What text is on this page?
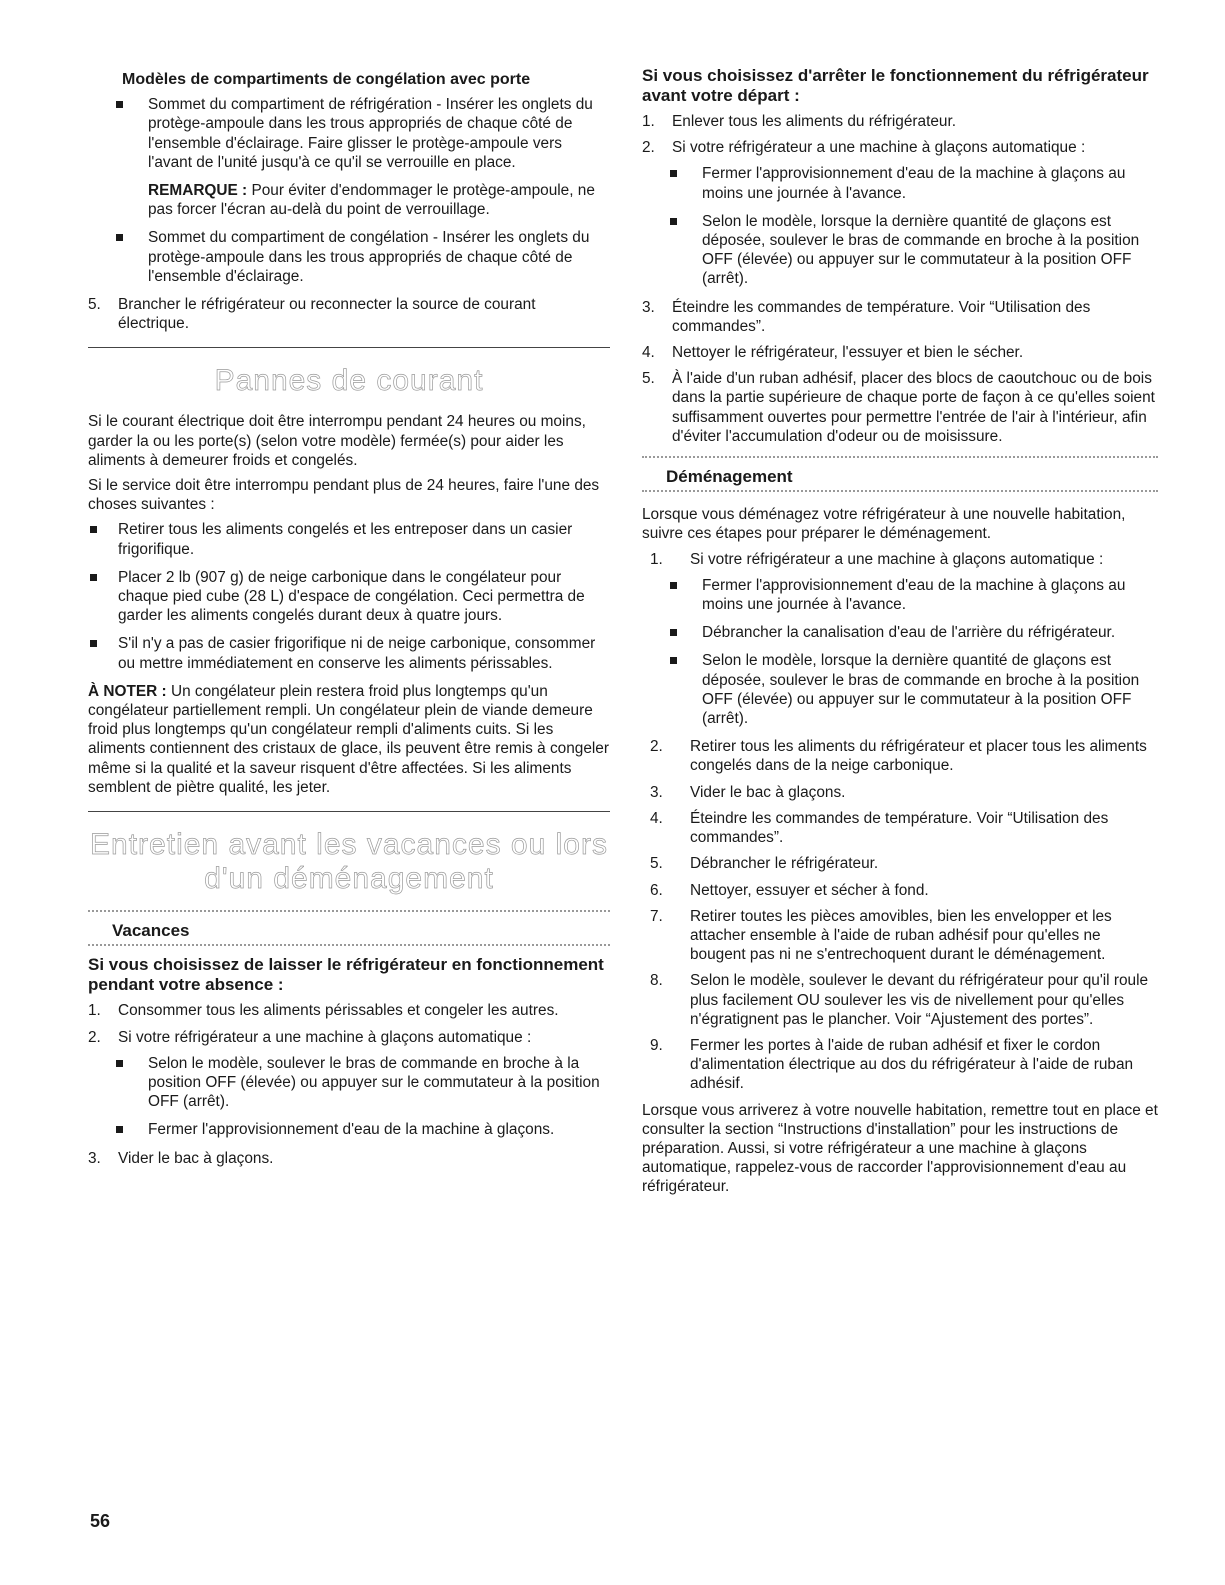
Modèles de compartiments de congélation avec porte
Sommet du compartiment de réfrigération - Insérer les onglets du protège-ampoule dans les trous appropriés de chaque côté de l'ensemble d'éclairage. Faire glisser le protège-ampoule vers l'avant de l'unité jusqu'à ce qu'il se verrouille en place.
REMARQUE : Pour éviter d'endommager le protège-ampoule, ne pas forcer l'écran au-delà du point de verrouillage.
Sommet du compartiment de congélation - Insérer les onglets du protège-ampoule dans les trous appropriés de chaque côté de l'ensemble d'éclairage.
5. Brancher le réfrigérateur ou reconnecter la source de courant électrique.
Pannes de courant

Si le courant électrique doit être interrompu pendant 24 heures ou moins, garder la ou les porte(s) (selon votre modèle) fermée(s) pour aider les aliments à demeurer froids et congelés.

Si le service doit être interrompu pendant plus de 24 heures, faire l'une des choses suivantes :

Retirer tous les aliments congelés et les entreposer dans un casier frigorifique.
Placer 2 lb (907 g) de neige carbonique dans le congélateur pour chaque pied cube (28 L) d'espace de congélation. Ceci permettra de garder les aliments congelés durant deux à quatre jours.
S'il n'y a pas de casier frigorifique ni de neige carbonique, consommer ou mettre immédiatement en conserve les aliments périssables.

À NOTER : Un congélateur plein restera froid plus longtemps qu'un congélateur partiellement rempli. Un congélateur plein de viande demeure froid plus longtemps qu'un congélateur rempli d'aliments cuits. Si les aliments contiennent des cristaux de glace, ils peuvent être remis à congeler même si la qualité et la saveur risquent d'être affectées. Si les aliments semblent de piètre qualité, les jeter.

Entretien avant les vacances ou lors
d'un déménagement
Vacances
Si vous choisissez de laisser le réfrigérateur en fonctionnement pendant votre absence :
1. Consommer tous les aliments périssables et congeler les autres.
2. Si votre réfrigérateur a une machine à glaçons automatique :
Selon le modèle, soulever le bras de commande en broche à la position OFF (élevée) ou appuyer sur le commutateur à la position OFF (arrêt).
Fermer l'approvisionnement d'eau de la machine à glaçons.
3. Vider le bac à glaçons.
Si vous choisissez d'arrêter le fonctionnement du réfrigérateur avant votre départ :
1. Enlever tous les aliments du réfrigérateur.
2. Si votre réfrigérateur a une machine à glaçons automatique :
Fermer l'approvisionnement d'eau de la machine à glaçons au moins une journée à l'avance.
Selon le modèle, lorsque la dernière quantité de glaçons est déposée, soulever le bras de commande en broche à la position OFF (élevée) ou appuyer sur le commutateur à la position OFF (arrêt).
3. Éteindre les commandes de température. Voir “Utilisation des commandes”.
4. Nettoyer le réfrigérateur, l'essuyer et bien le sécher.
5. À l'aide d'un ruban adhésif, placer des blocs de caoutchouc ou de bois dans la partie supérieure de chaque porte de façon à ce qu'elles soient suffisamment ouvertes pour permettre l'entrée de l'air à l'intérieur, afin d'éviter l'accumulation d'odeur ou de moisissure.
Déménagement

Lorsque vous déménagez votre réfrigérateur à une nouvelle habitation, suivre ces étapes pour préparer le déménagement.

1. Si votre réfrigérateur a une machine à glaçons automatique :
Fermer l'approvisionnement d'eau de la machine à glaçons au moins une journée à l'avance.
Débrancher la canalisation d'eau de l'arrière du réfrigérateur.
Selon le modèle, lorsque la dernière quantité de glaçons est déposée, soulever le bras de commande en broche à la position OFF (élevée) ou appuyer sur le commutateur à la position OFF (arrêt).
2. Retirer tous les aliments du réfrigérateur et placer tous les aliments congelés dans de la neige carbonique.
3. Vider le bac à glaçons.
4. Éteindre les commandes de température. Voir “Utilisation des commandes”.
5. Débrancher le réfrigérateur.
6. Nettoyer, essuyer et sécher à fond.
7. Retirer toutes les pièces amovibles, bien les envelopper et les attacher ensemble à l'aide de ruban adhésif pour qu'elles ne bougent pas ni ne s'entrechoquent durant le déménagement.
8. Selon le modèle, soulever le devant du réfrigérateur pour qu'il roule plus facilement OU soulever les vis de nivellement pour qu'elles n'égratignent pas le plancher. Voir “Ajustement des portes”.
9. Fermer les portes à l'aide de ruban adhésif et fixer le cordon d'alimentation électrique au dos du réfrigérateur à l'aide de ruban adhésif.

Lorsque vous arriverez à votre nouvelle habitation, remettre tout en place et consulter la section “Instructions d'installation” pour les instructions de préparation. Aussi, si votre réfrigérateur a une machine à glaçons automatique, rappelez-vous de raccorder l'approvisionnement d'eau au réfrigérateur.

56
